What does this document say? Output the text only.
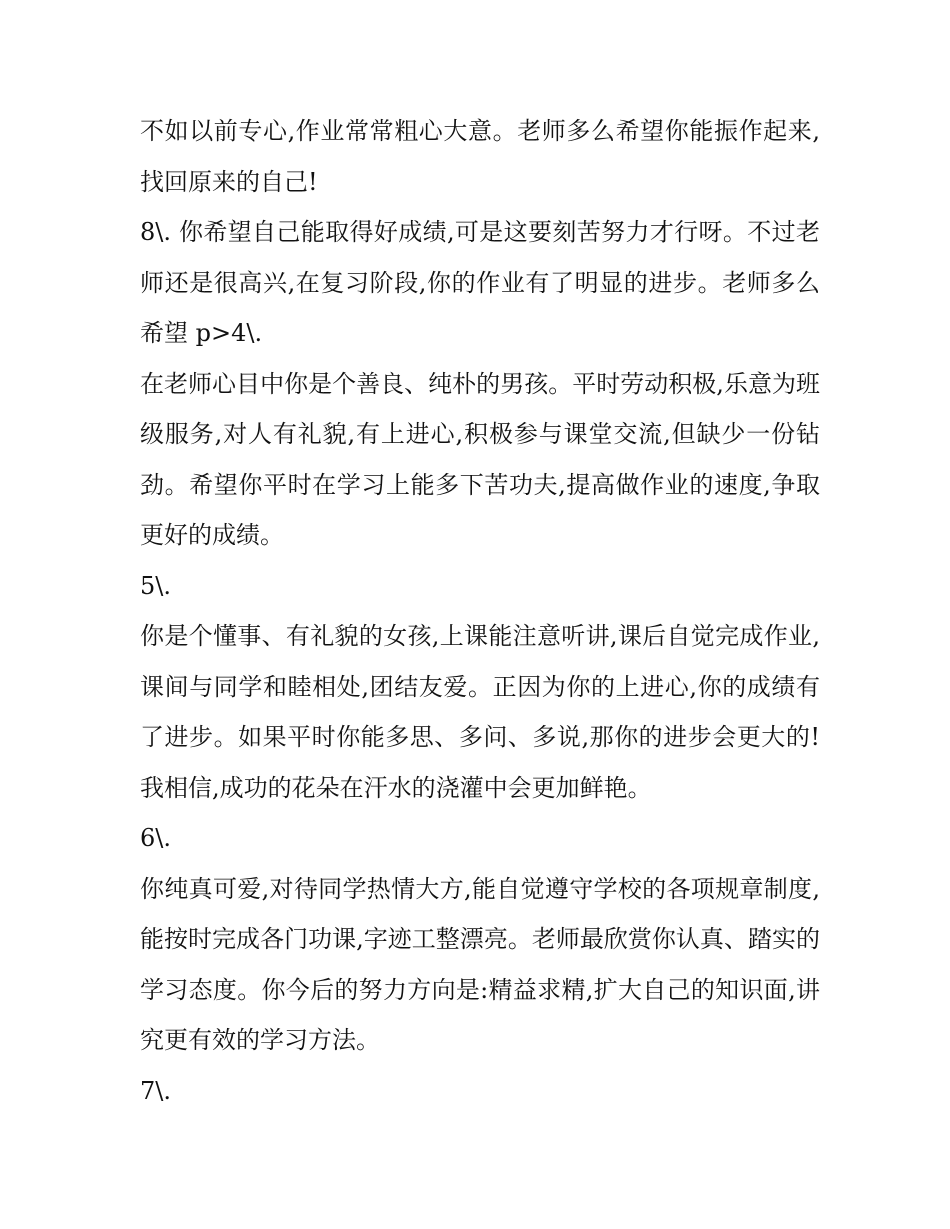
不如以前专心,作业常常粗心大意。老师多么希望你能振作起来,找回原来的自己!

8\. 你希望自己能取得好成绩,可是这要刻苦努力才行呀。不过老师还是很高兴,在复习阶段,你的作业有了明显的进步。老师多么希望 p>4\.

在老师心目中你是个善良、纯朴的男孩。平时劳动积极,乐意为班级服务,对人有礼貌,有上进心,积极参与课堂交流,但缺少一份钻劲。希望你平时在学习上能多下苦功夫,提高做作业的速度,争取更好的成绩。

5\.

你是个懂事、有礼貌的女孩,上课能注意听讲,课后自觉完成作业,课间与同学和睦相处,团结友爱。正因为你的上进心,你的成绩有了进步。如果平时你能多思、多问、多说,那你的进步会更大的!我相信,成功的花朵在汗水的浇灌中会更加鲜艳。

6\.

你纯真可爱,对待同学热情大方,能自觉遵守学校的各项规章制度,能按时完成各门功课,字迹工整漂亮。老师最欣赏你认真、踏实的学习态度。你今后的努力方向是:精益求精,扩大自己的知识面,讲究更有效的学习方法。

7\.
